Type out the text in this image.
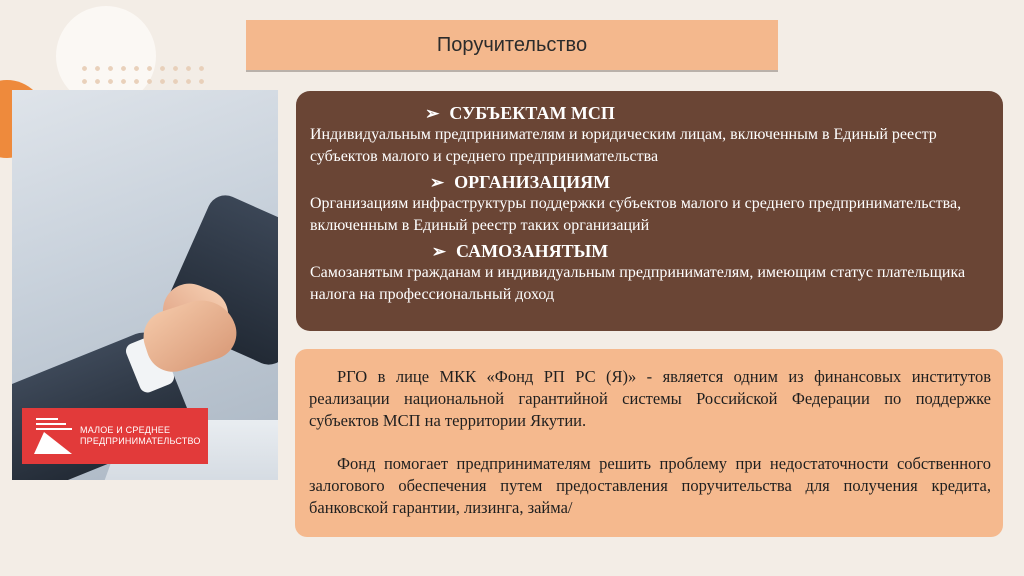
Поручительство
МАЛОЕ И СРЕДНЕЕ
ПРЕДПРИНИМАТЕЛЬСТВО
➢ СУБЪЕКТАМ МСП
Индивидуальным предпринимателям и юридическим лицам, включенным в Единый реестр субъектов малого и среднего предпринимательства
➢ ОРГАНИЗАЦИЯМ
Организациям инфраструктуры поддержки субъектов малого и среднего предпринимательства, включенным в Единый реестр таких организаций
➢ САМОЗАНЯТЫМ
Самозанятым гражданам и индивидуальным предпринимателям, имеющим статус плательщика налога на профессиональный доход

РГО в лице МКК «Фонд РП РС (Я)» - является одним из финансовых институтов реализации национальной гарантийной системы Российской Федерации по поддержке субъектов МСП на территории Якутии.

Фонд помогает предпринимателям решить проблему при недостаточности собственного залогового обеспечения путем предоставления поручительства для получения кредита, банковской гарантии, лизинга, займа/
